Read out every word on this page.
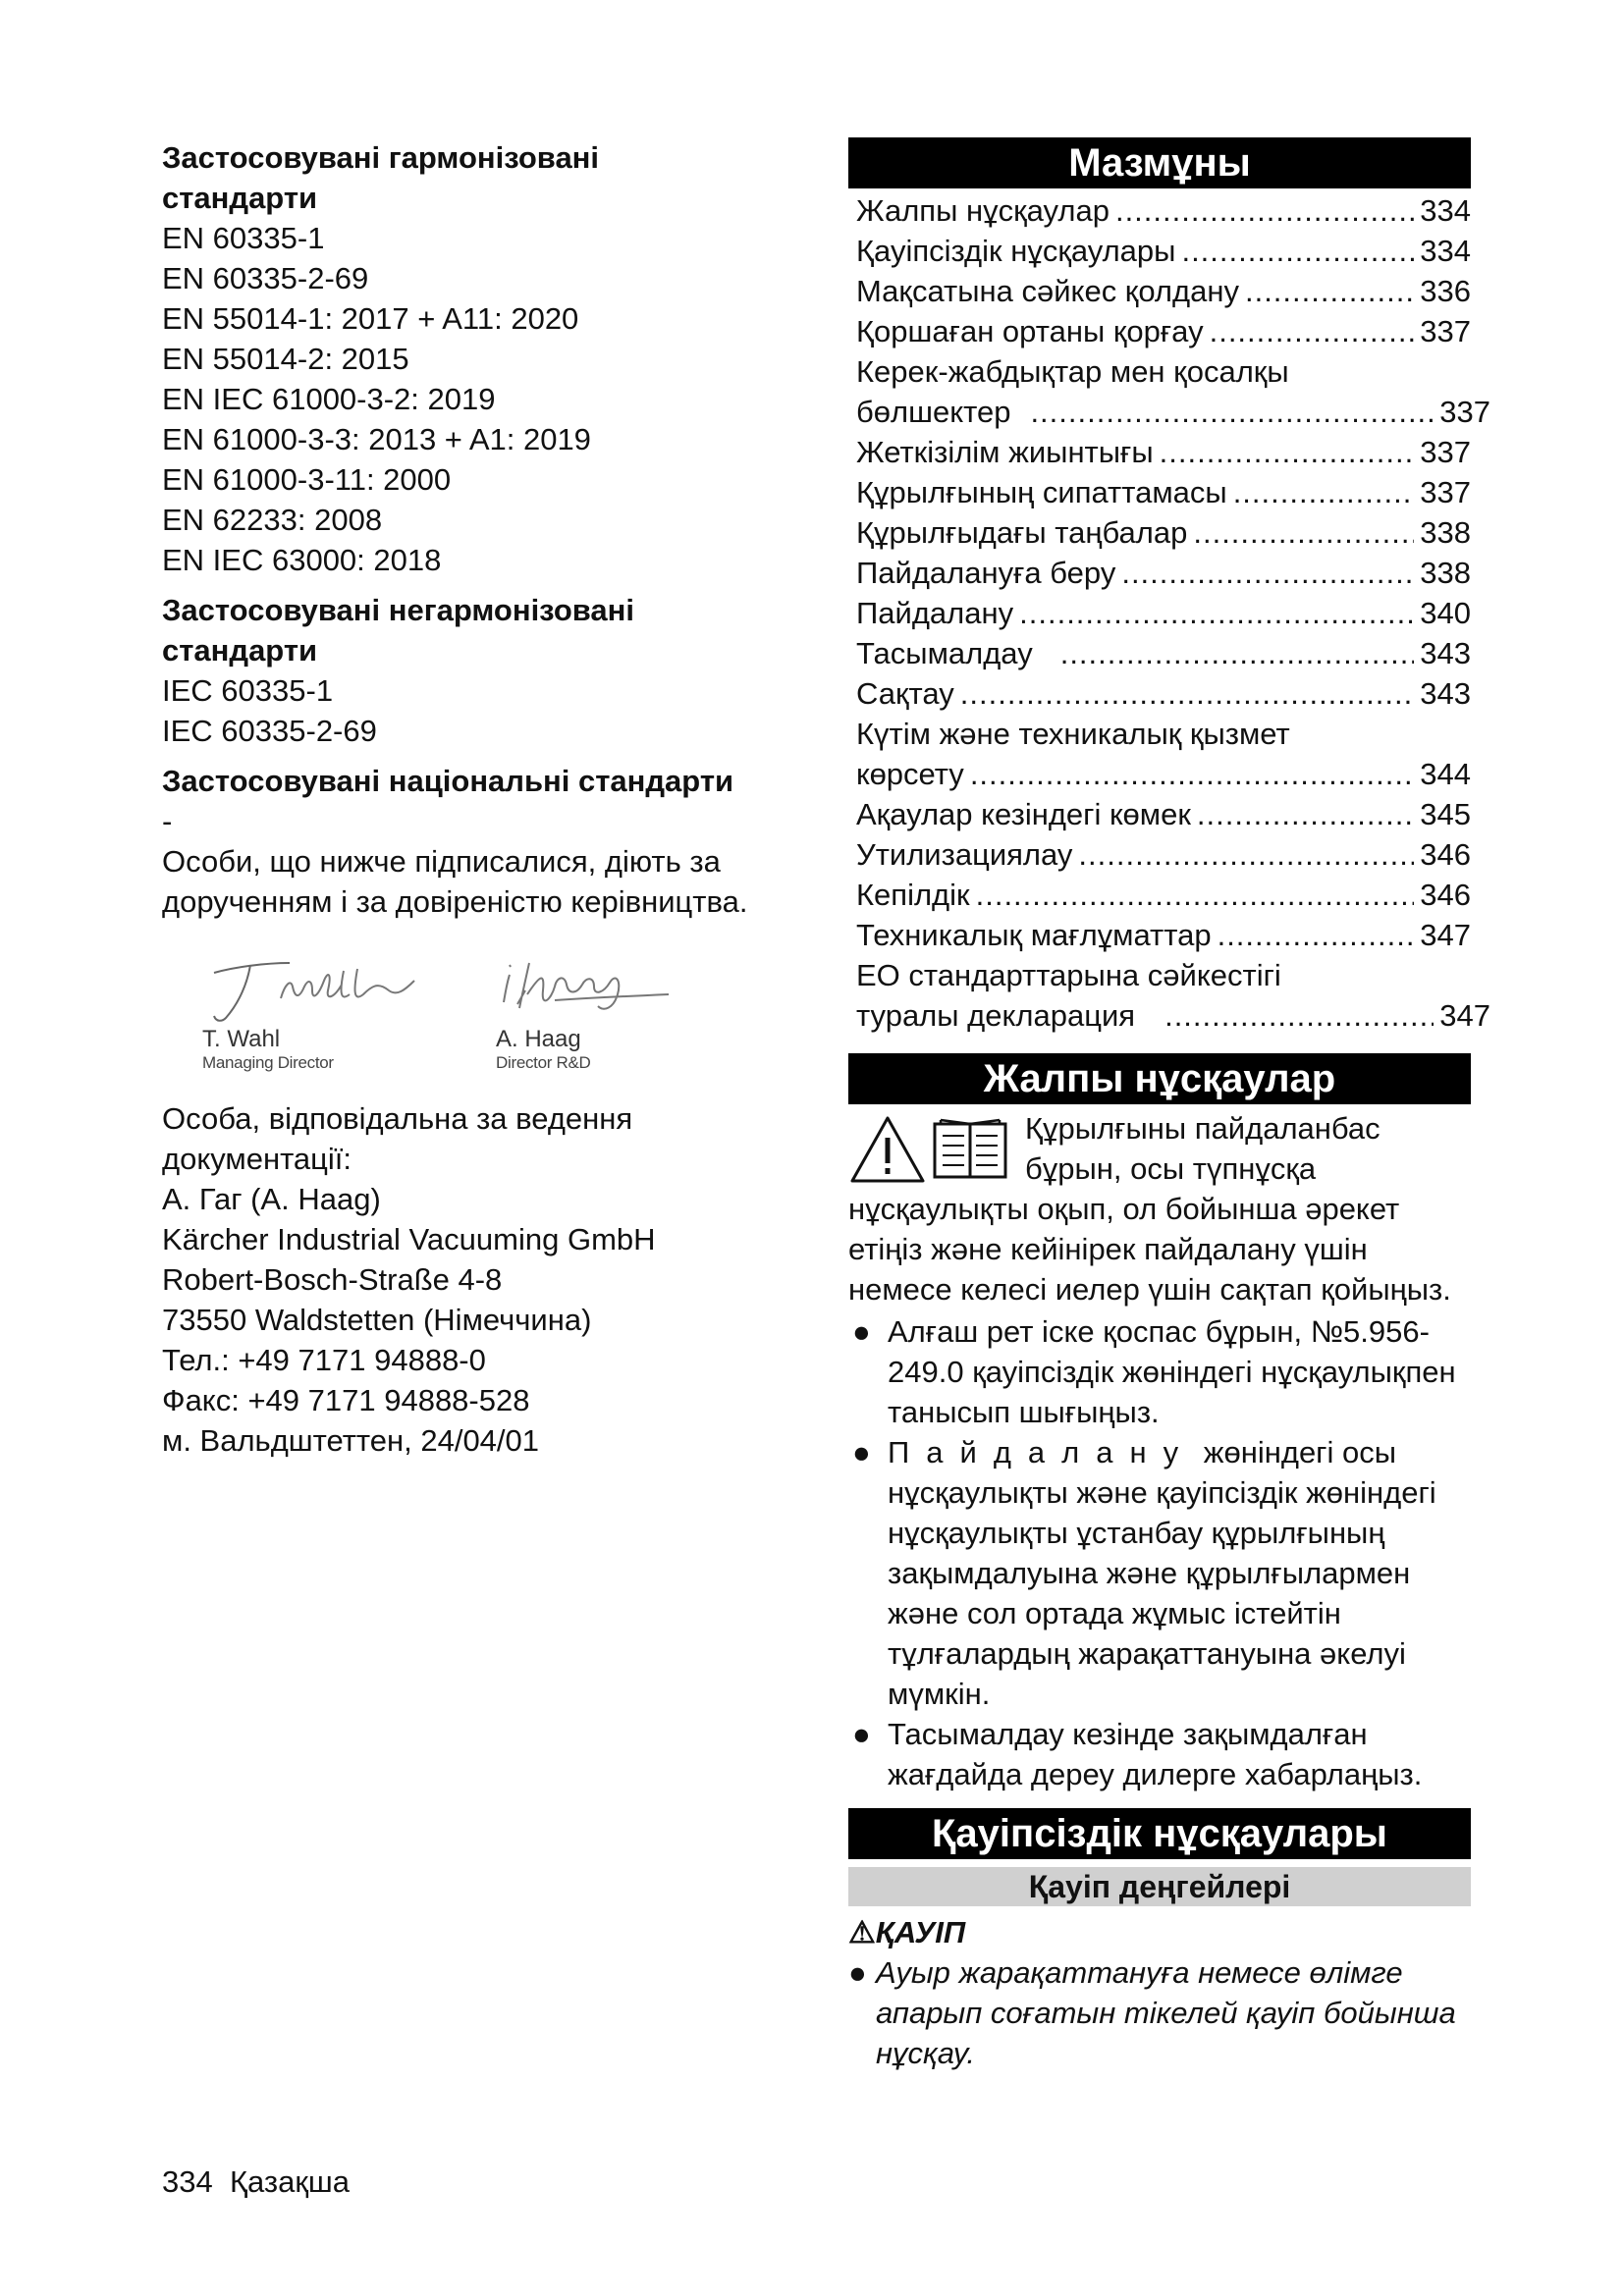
Застосовувані гармонізовані стандарти
EN 60335-1
EN 60335-2-69
EN 55014-1: 2017 + A11: 2020
EN 55014-2: 2015
EN IEC 61000-3-2: 2019
EN 61000-3-3: 2013 + A1: 2019
EN 61000-3-11: 2000
EN 62233: 2008
EN IEC 63000: 2018
Застосовувані негармонізовані стандарти
IEC 60335-1
IEC 60335-2-69
Застосовувані національні стандарти
-
Особи, що нижче підписалися, діють за дорученням і за довіреністю керівництва.
T. Wahl
Managing Director
A. Haag
Director R&D
Особа, відповідальна за ведення документації:
А. Гаг (A. Haag)
Kärcher Industrial Vacuuming GmbH
Robert-Bosch-Straße 4-8
73550 Waldstetten (Німеччина)
Тел.: +49 7171 94888-0
Факс: +49 7171 94888-528
м. Вальдштеттен, 24/04/01
Мазмұны
Жалпы нұсқаулар .....	334
Қауіпсіздік нұсқаулары .....	334
Мақсатына сәйкес қолдану .....	336
Қоршаған ортаны қорғау .....	337
Керек-жабдықтар мен қосалқы
бөлшектер .....	337
Жеткізілім жиынтығы .....	337
Құрылғының сипаттамасы .....	337
Құрылғыдағы таңбалар .....	338
Пайдалануға беру .....	338
Пайдалану .....	340
Тасымалдау .....	343
Сақтау .....	343
Күтім және техникалық қызмет
көрсету .....	344
Ақаулар кезіндегі көмек .....	345
Утилизациялау .....	346
Кепілдік .....	346
Техникалық мағлұматтар .....	347
ЕО стандарттарына сәйкестігі
туралы декларация .....	347
Жалпы нұсқаулар
Құрылғыны пайдаланбас бұрын, осы түпнұсқа нұсқаулықты оқып, ол бойынша әрекет етіңіз және кейінірек пайдалану үшін немесе келесі иелер үшін сақтап қойыңыз.
● Алғаш рет іске қоспас бұрын, №5.956-249.0 қауіпсіздік жөніндегі нұсқаулықпен танысып шығыңыз.
● Пайдалану жөніндегі осы нұсқаулықты және қауіпсіздік жөніндегі нұсқаулықты ұстанбау құрылғының зақымдалуына және құрылғылармен және сол ортада жұмыс істейтін тұлғалардың жарақаттануына әкелуі мүмкін.
● Тасымалдау кезінде зақымдалған жағдайда дереу дилерге хабарлаңыз.
Қауіпсіздік нұсқаулары
Қауіп деңгейлері
⚠ҚАУІП
● Ауыр жарақаттануға немесе өлімге апарып соғатын тікелей қауіп бойынша нұсқау.
334 Қазақша
